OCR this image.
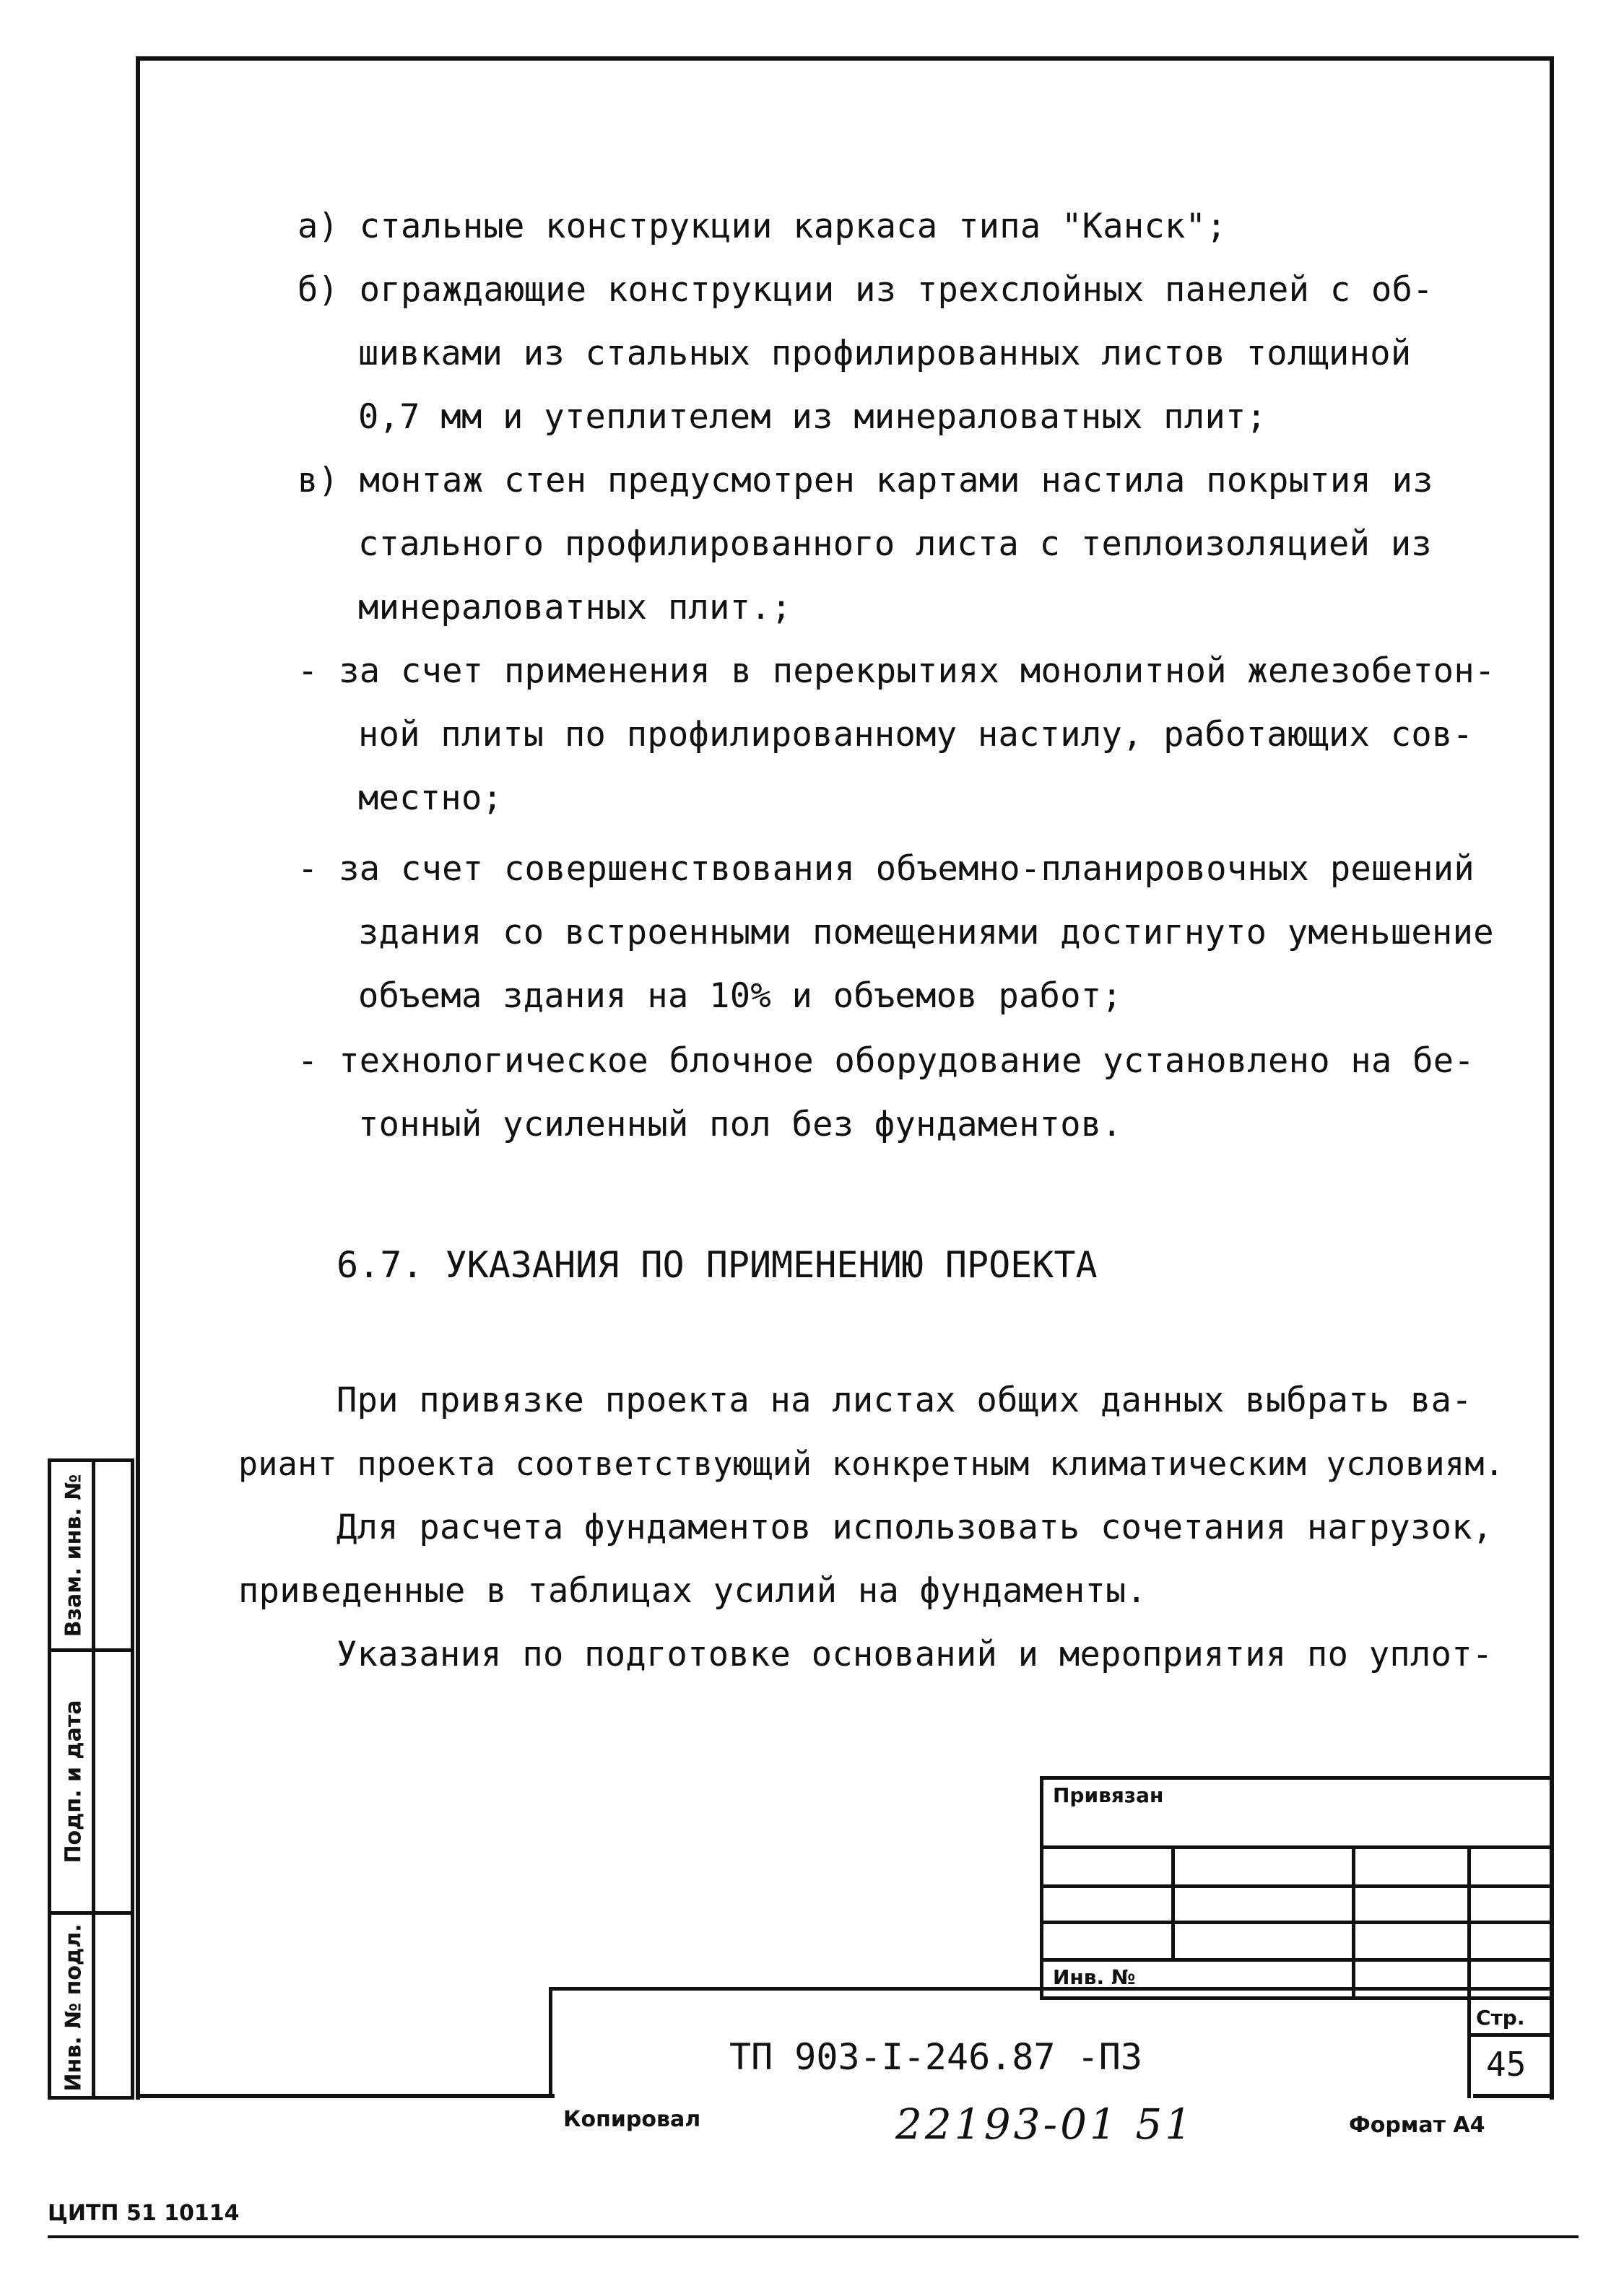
а) стальные конструкции каркаса типа "Канск";
б) ограждающие конструкции из трехслойных панелей с об-
шивками из стальных профилированных листов толщиной
0,7 мм и утеплителем из минераловатных плит;
в) монтаж стен предусмотрен картами настила покрытия из
стального профилированного листа с теплоизоляцией из
минераловатных плит.;
- за счет применения в перекрытиях монолитной железобетон-
ной плиты по профилированному настилу, работающих сов-
местно;
- за счет совершенствования объемно-планировочных решений
здания со встроенными помещениями достигнуто уменьшение
объема здания на 10% и объемов работ;
- технологическое блочное оборудование установлено на бе-
тонный усиленный пол без фундаментов.
6.7. УКАЗАНИЯ ПО ПРИМЕНЕНИЮ ПРОЕКТА
При привязке проекта на листах общих данных выбрать ва-
риант проекта соответствующий конкретным климатическим условиям.
Для расчета фундаментов использовать сочетания нагрузок,
приведенные в таблицах усилий на фундаменты.
Указания по подготовке оснований и мероприятия по уплот-
Взам. инв. №
Подп. и дата
Инв. № подл.
Привязан
Инв. №
Стр.
45
ТП 903-I-246.87 -ПЗ
Копировал	22193-01 51	Формат А4
ЦИТП 51 10114
